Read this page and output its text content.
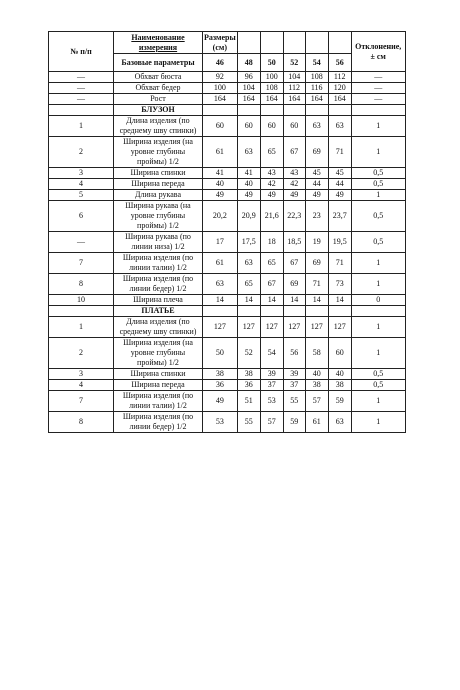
№ п/п	Наименование измерения	Размеры (см)						Отклонение, ± см
	Базовые параметры	46	48	50	52	54	56	
—	Обхват бюста	92	96	100	104	108	112	—
—	Обхват бедер	100	104	108	112	116	120	—
—	Рост	164	164	164	164	164	164	—
	БЛУЗОН							
1	Длина изделия (по среднему шву спинки)	60	60	60	60	63	63	1
2	Ширина изделия (на уровне глубины проймы) 1/2	61	63	65	67	69	71	1
3	Ширина спинки	41	41	43	43	45	45	0,5
4	Ширина переда	40	40	42	42	44	44	0,5
5	Длина рукава	49	49	49	49	49	49	1
6	Ширина рукава (на уровне глубины проймы) 1/2	20,2	20,9	21,6	22,3	23	23,7	0,5
—	Ширина рукава (по линии низа) 1/2	17	17,5	18	18,5	19	19,5	0,5
7	Ширина изделия (по линии талии) 1/2	61	63	65	67	69	71	1
8	Ширина изделия (по линии бедер) 1/2	63	65	67	69	71	73	1
10	Ширина плеча	14	14	14	14	14	14	0
	ПЛАТЬЕ							
1	Длина изделия (по среднему шву спинки)	127	127	127	127	127	127	1
2	Ширина изделия (на уровне глубины проймы) 1/2	50	52	54	56	58	60	1
3	Ширина спинки	38	38	39	39	40	40	0,5
4	Ширина переда	36	36	37	37	38	38	0,5
7	Ширина изделия (по линии талии) 1/2	49	51	53	55	57	59	1
8	Ширина изделия (по линии бедер) 1/2	53	55	57	59	61	63	1
